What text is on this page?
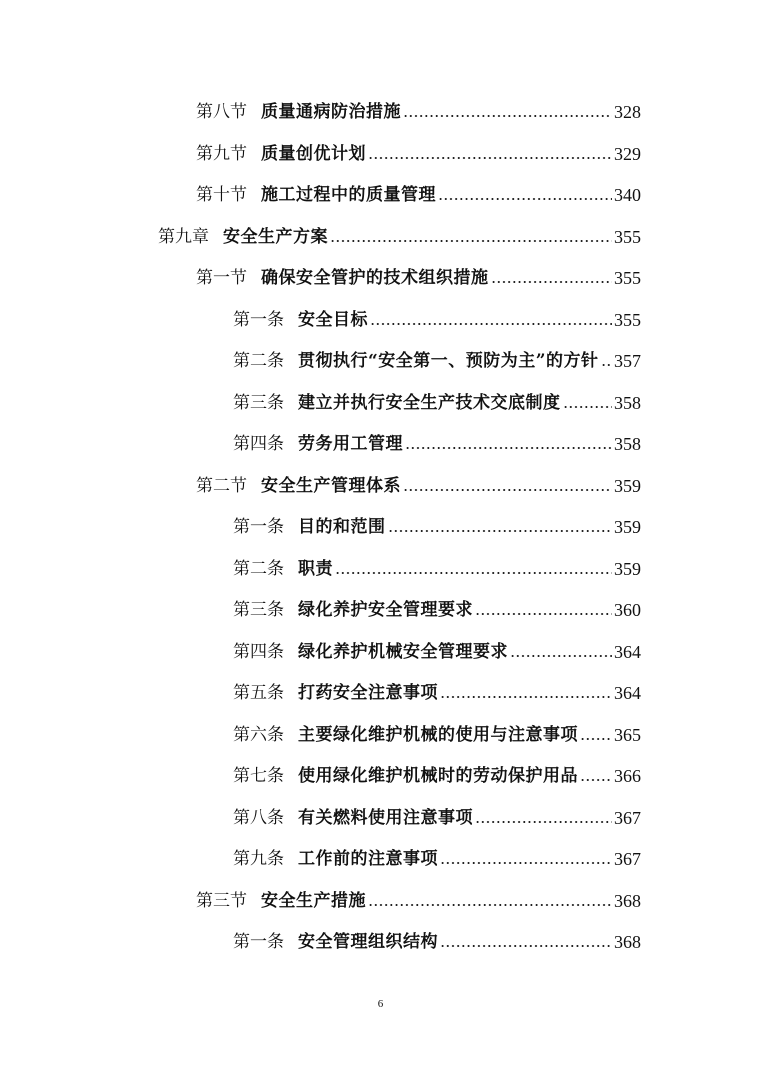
第八节 质量通病防治措施	328
第九节 质量创优计划	329
第十节 施工过程中的质量管理	340
第九章 安全生产方案	355
第一节 确保安全管护的技术组织措施	355
第一条 安全目标	355
第二条 贯彻执行“安全第一、预防为主”的方针 357
第三条 建立并执行安全生产技术交底制度	358
第四条 劳务用工管理	358
第二节 安全生产管理体系	359
第一条 目的和范围	359
第二条 职责	359
第三条 绿化养护安全管理要求	360
第四条 绿化养护机械安全管理要求	364
第五条 打药安全注意事项	364
第六条 主要绿化维护机械的使用与注意事项 365
第七条 使用绿化维护机械时的劳动保护用品 366
第八条 有关燃料使用注意事项	367
第九条 工作前的注意事项	367
第三节 安全生产措施	368
第一条 安全管理组织结构	368
6
